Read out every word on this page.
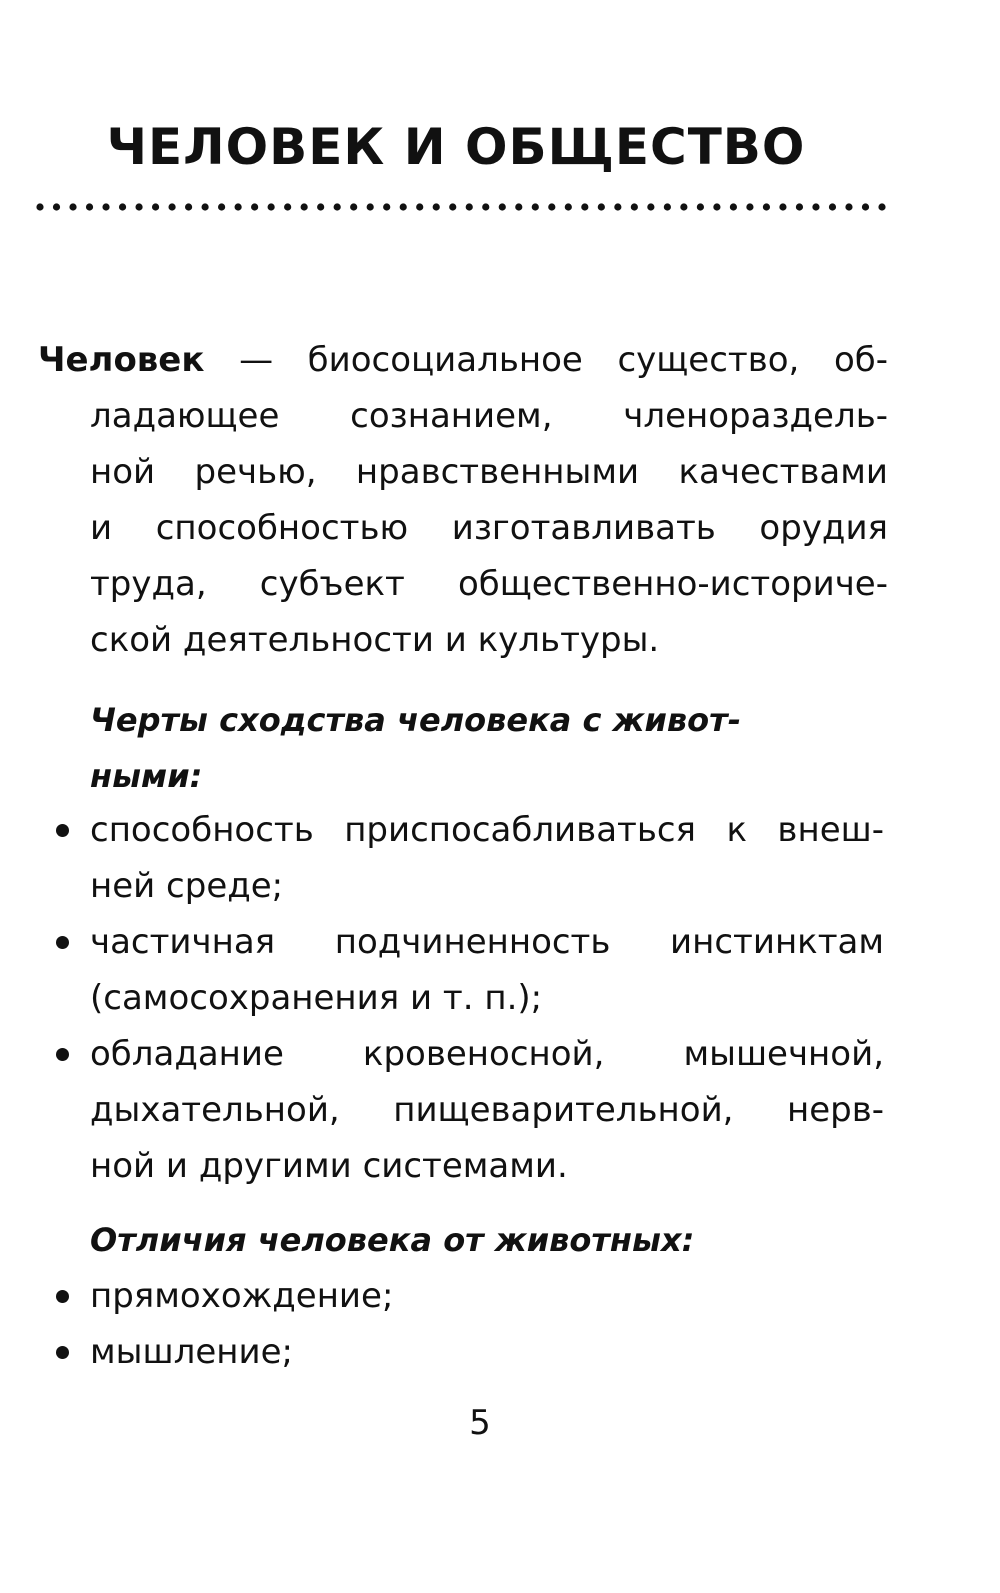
ЧЕЛОВЕК И ОБЩЕСТВО
Человек — биосоциальное существо, об-
ладающее сознанием, членораздель-
ной речью, нравственными качествами
и способностью изготавливать орудия
труда, субъект общественно-историче-
ской деятельности и культуры.
Черты сходства человека с живот-
ными:
способность приспосабливаться к внеш-
ней среде;
частичная подчиненность инстинктам
(самосохранения и т. п.);
обладание кровеносной, мышечной,
дыхательной, пищеварительной, нерв-
ной и другими системами.
Отличия человека от животных:
прямохождение;
мышление;
5
